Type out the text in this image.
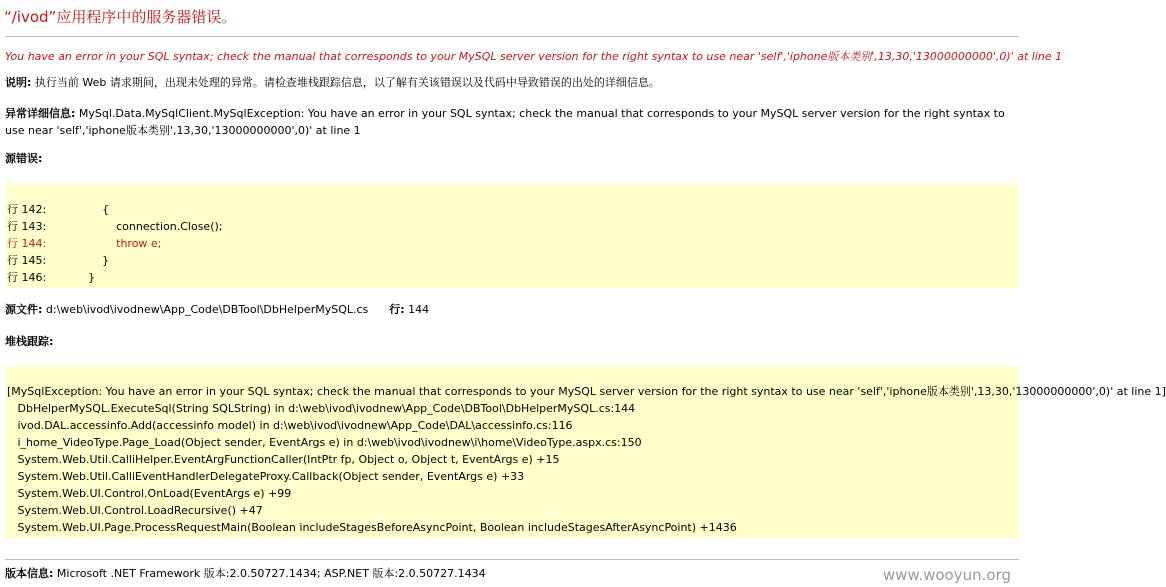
“/ivod”应用程序中的服务器错误。

You have an error in your SQL syntax; check the manual that corresponds to your MySQL server version for the right syntax to use near 'self','iphone版本类别',13,30,'13000000000',0)' at line 1

说明: 执行当前 Web 请求期间，出现未处理的异常。请检查堆栈跟踪信息，以了解有关该错误以及代码中导致错误的出处的详细信息。

异常详细信息: MySql.Data.MySqlClient.MySqlException: You have an error in your SQL syntax; check the manual that corresponds to your MySQL server version for the right syntax to use near 'self','iphone版本类别',13,30,'13000000000',0)' at line 1

源错误:

行 142:                {
行 143:                    connection.Close();
行 144:                    throw e;
行 145:                }
行 146:            }

源文件: d:\web\ivod\ivodnew\App_Code\DBTool\DbHelperMySQL.cs 行: 144

堆栈跟踪:

[MySqlException: You have an error in your SQL syntax; check the manual that corresponds to your MySQL server version for the right syntax to use near 'self','iphone版本类别',13,30,'13000000000',0)' at line 1]
DbHelperMySQL.ExecuteSql(String SQLString) in d:\web\ivod\ivodnew\App_Code\DBTool\DbHelperMySQL.cs:144
ivod.DAL.accessinfo.Add(accessinfo model) in d:\web\ivod\ivodnew\App_Code\DAL\accessinfo.cs:116
i_home_VideoType.Page_Load(Object sender, EventArgs e) in d:\web\ivod\ivodnew\i\home\VideoType.aspx.cs:150
System.Web.Util.CalliHelper.EventArgFunctionCaller(IntPtr fp, Object o, Object t, EventArgs e) +15
System.Web.Util.CalliEventHandlerDelegateProxy.Callback(Object sender, EventArgs e) +33
System.Web.UI.Control.OnLoad(EventArgs e) +99
System.Web.UI.Control.LoadRecursive() +47
System.Web.UI.Page.ProcessRequestMain(Boolean includeStagesBeforeAsyncPoint, Boolean includeStagesAfterAsyncPoint) +1436

版本信息: Microsoft .NET Framework 版本:2.0.50727.1434; ASP.NET 版本:2.0.50727.1434	www.wooyun.org
